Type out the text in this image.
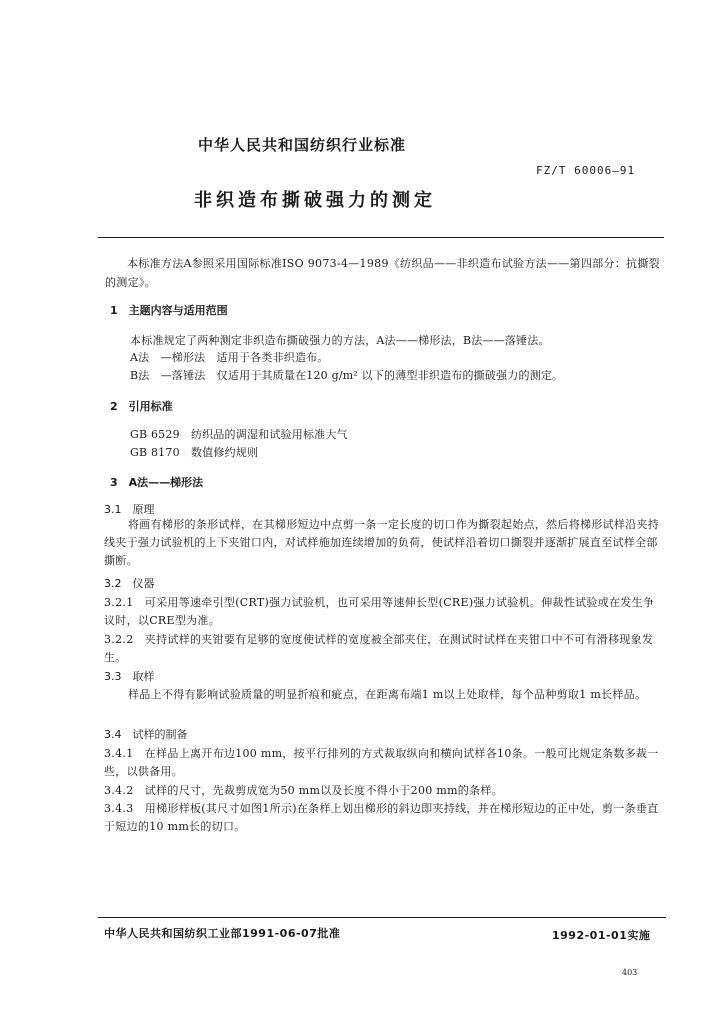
中华人民共和国纺织行业标准
FZ/T 60006—91
非织造布撕破强力的测定
本标准方法A参照采用国际标准ISO 9073-4—1989《纺织品——非织造布试验方法——第四部分：抗撕裂的测定》。
1　主题内容与适用范围
本标准规定了两种测定非织造布撕破强力的方法，A法——梯形法，B法——落锤法。
A法　—梯形法　适用于各类非织造布。
B法　—落锤法　仅适用于其质量在120 g/m² 以下的薄型非织造布的撕破强力的测定。
2　引用标准
GB 6529　纺织品的调湿和试验用标准大气
GB 8170　数值修约规则
3　A法——梯形法
3.1　原理
将画有梯形的条形试样，在其梯形短边中点剪一条一定长度的切口作为撕裂起始点，然后将梯形试样沿夹持线夹于强力试验机的上下夹钳口内，对试样施加连续增加的负荷，使试样沿着切口撕裂并逐渐扩展直至试样全部撕断。
3.2　仪器
3.2.1　可采用等速牵引型(CRT)强力试验机，也可采用等速伸长型(CRE)强力试验机。伸裁性试验或在发生争议时，以CRE型为准。
3.2.2　夹持试样的夹钳要有足够的宽度使试样的宽度被全部夹住，在测试时试样在夹钳口中不可有滑移现象发生。
3.3　取样
样品上不得有影响试验质量的明显折痕和疵点，在距离布端1 m以上处取样，每个品种剪取1 m长样品。
3.4　试样的制备
3.4.1　在样品上离开布边100 mm，按平行排列的方式裁取纵向和横向试样各10条。一般可比规定条数多裁一些，以供备用。
3.4.2　试样的尺寸，先裁剪成宽为50 mm以及长度不得小于200 mm的条样。
3.4.3　用梯形样板(其尺寸如图1所示)在条样上划出梯形的斜边即夹持线，并在梯形短边的正中处，剪一条垂直于短边的10 mm长的切口。
中华人民共和国纺织工业部1991-06-07批准	1992-01-01实施
403
